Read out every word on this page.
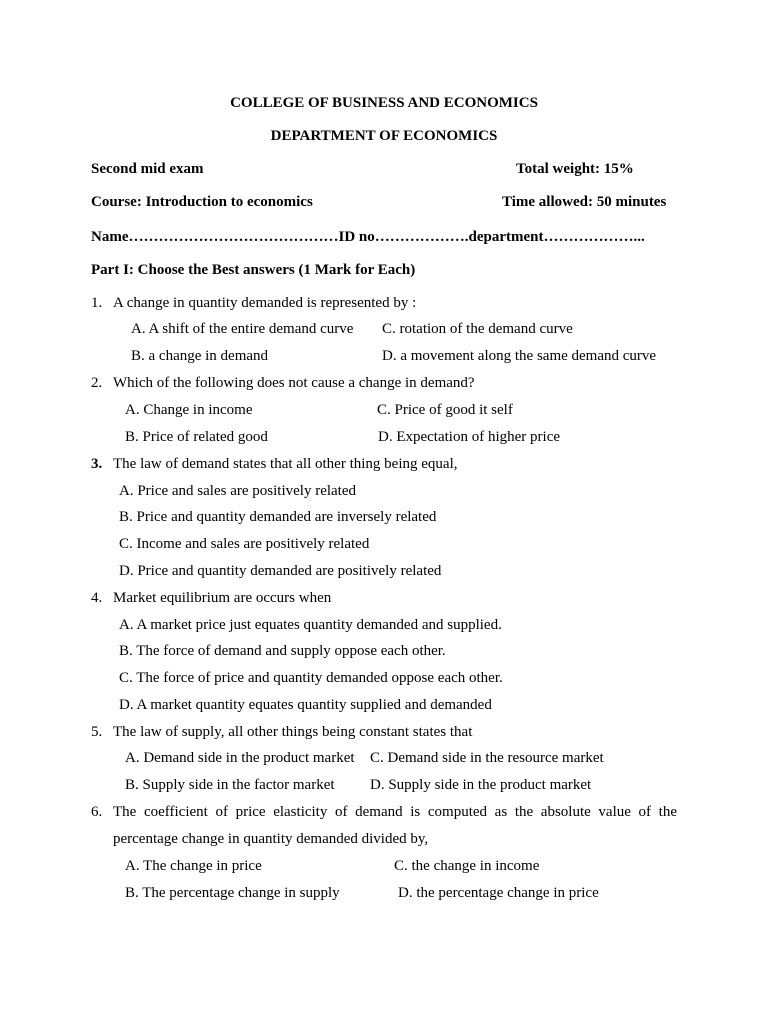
COLLEGE OF BUSINESS AND ECONOMICS
DEPARTMENT OF ECONOMICS
Second mid exam	Total weight: 15%
Course: Introduction to economics	Time allowed: 50 minutes
Name……………………………………ID no……………….department………………...
Part I: Choose the Best answers (1 Mark for Each)
1. A change in quantity demanded is represented by :
A. A shift of the entire demand curve C. rotation of the demand curve
B. a change in demand	D. a movement along the same demand curve
2. Which of the following does not cause a change in demand?
A. Change in income	C. Price of good it self
B. Price of related good	D. Expectation of higher price
3. The law of demand states that all other thing being equal,
A. Price and sales are positively related
B. Price and quantity demanded are inversely related
C. Income and sales are positively related
D. Price and quantity demanded are positively related
4. Market equilibrium are occurs when
A. A market price just equates quantity demanded and supplied.
B. The force of demand and supply oppose each other.
C. The force of price and quantity demanded oppose each other.
D. A market quantity equates quantity supplied and demanded
5. The law of supply, all other things being constant states that
A. Demand side in the product market C. Demand side in the resource market
B. Supply side in the factor market D. Supply side in the product market
6. The coefficient of price elasticity of demand is computed as the absolute value of the
percentage change in quantity demanded divided by,
A. The change in price	C. the change in income
B. The percentage change in supply	D. the percentage change in price
